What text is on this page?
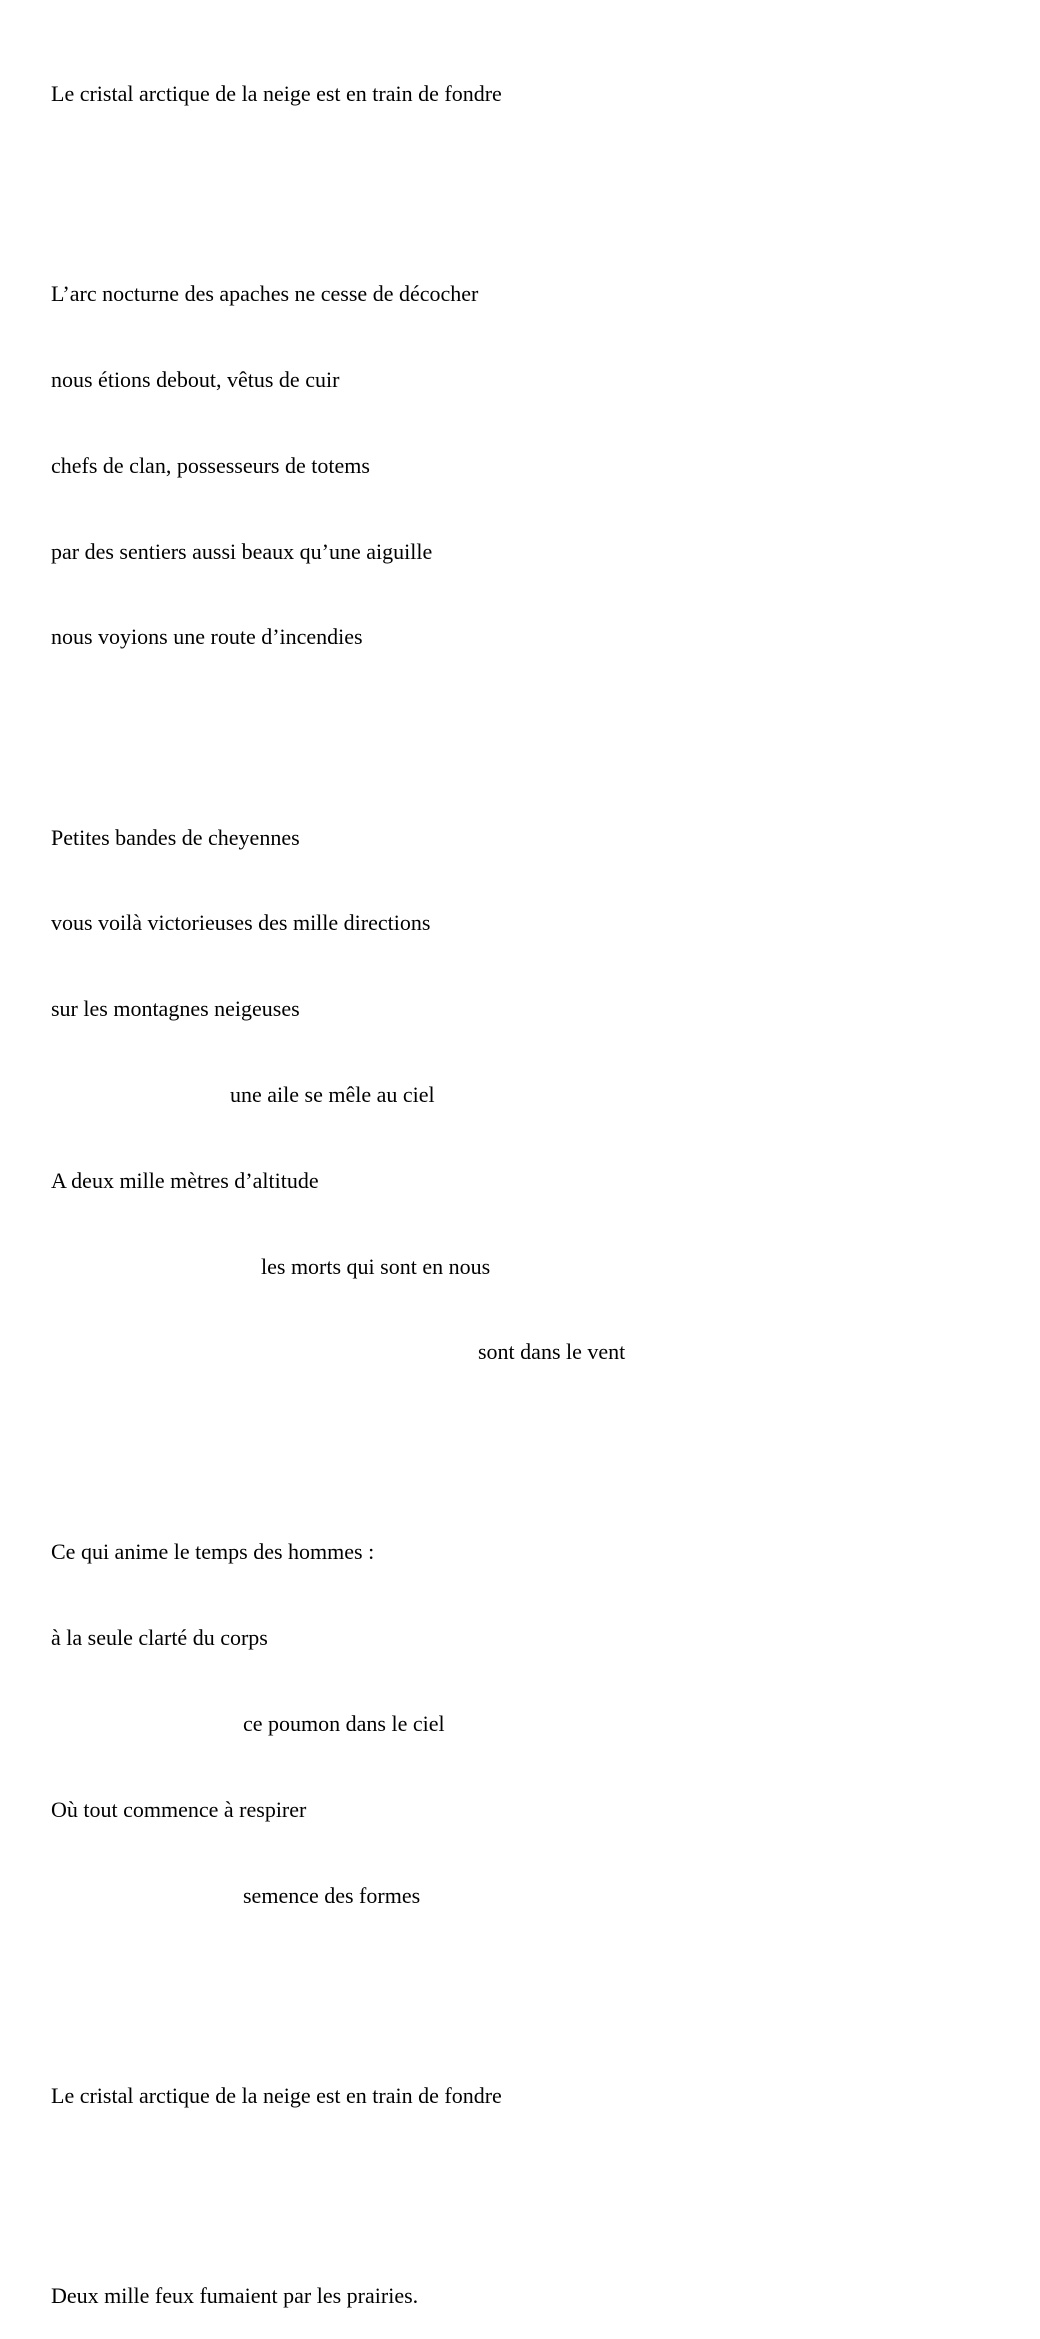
Le cristal arctique de la neige est en train de fondre

L’arc nocturne des apaches ne cesse de décocher

nous étions debout, vêtus de cuir

chefs de clan, possesseurs de totems

par des sentiers aussi beaux qu’une aiguille

nous voyions une route d’incendies

Petites bandes de cheyennes

vous voilà victorieuses des mille directions

sur les montagnes neigeuses

une aile se mêle au ciel

A deux mille mètres d’altitude

les morts qui sont en nous

sont dans le vent

Ce qui anime le temps des hommes :

à la seule clarté du corps

ce poumon dans le ciel

Où tout commence à respirer

semence des formes

Le cristal arctique de la neige est en train de fondre

Deux mille feux fumaient par les prairies.
